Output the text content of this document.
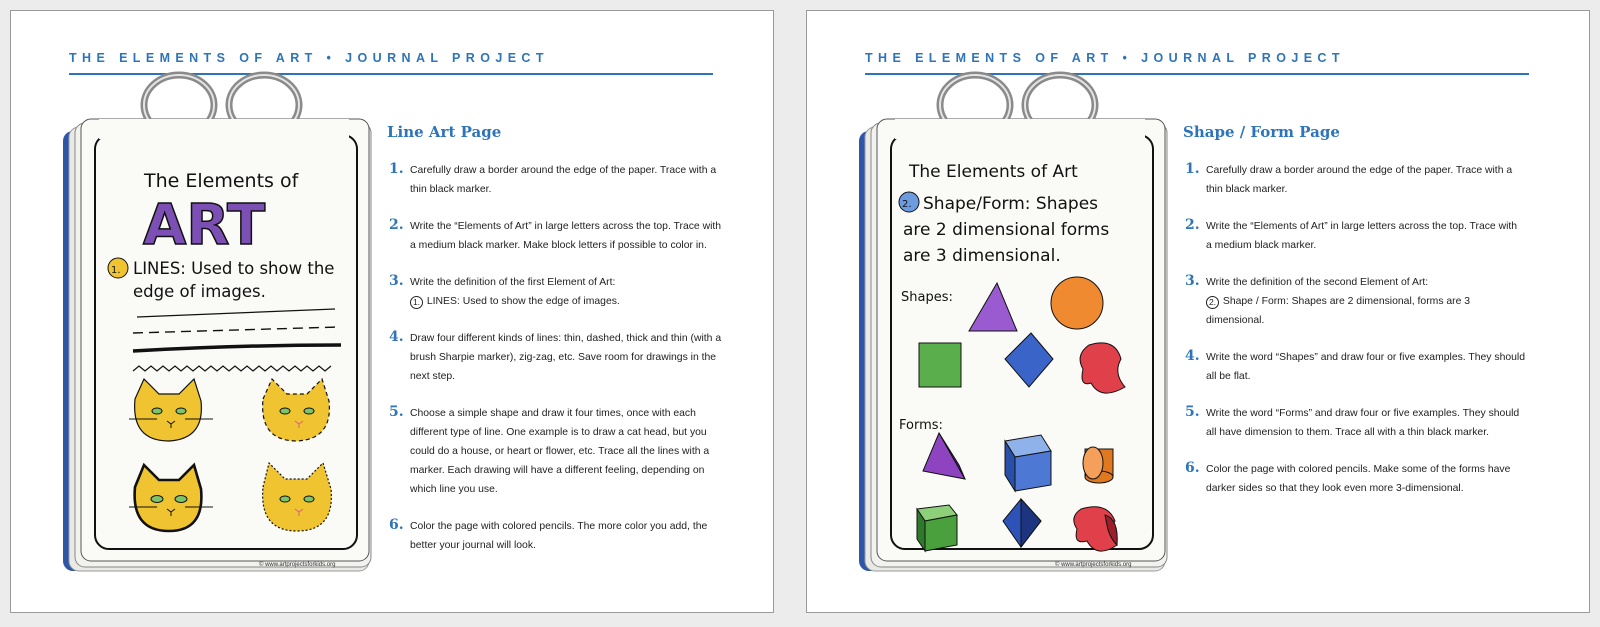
THE ELEMENTS OF ART • JOURNAL PROJECT
The Elements of
ART
1. LINES: Used to show the
edge of images.
© www.artprojectsforkids.org
Line Art Page
1. Carefully draw a border around the edge of the paper. Trace with a thin black marker.
2. Write the “Elements of Art” in large letters across the top. Trace with a medium black marker. Make block letters if possible to color in.
3. Write the definition of the first Element of Art:
1. LINES: Used to show the edge of images.
4. Draw four different kinds of lines: thin, dashed, thick and thin (with a brush Sharpie marker), zig-zag, etc. Save room for drawings in the next step.
5. Choose a simple shape and draw it four times, once with each different type of line. One example is to draw a cat head, but you could do a house, or heart or flower, etc. Trace all the lines with a marker. Each drawing will have a different feeling, depending on which line you use.
6. Color the page with colored pencils. The more color you add, the better your journal will look.
THE ELEMENTS OF ART • JOURNAL PROJECT
The Elements of Art
2. Shape/Form: Shapes
are 2 dimensional forms
are 3 dimensional.
Shapes:
Forms:
© www.artprojectsforkids.org
Shape / Form Page
1. Carefully draw a border around the edge of the paper. Trace with a thin black marker.
2. Write the “Elements of Art” in large letters across the top. Trace with a medium black marker.
3. Write the definition of the second Element of Art:
2. Shape / Form: Shapes are 2 dimensional, forms are 3 dimensional.
4. Write the word “Shapes” and draw four or five examples. They should all be flat.
5. Write the word “Forms” and draw four or five examples. They should all have dimension to them. Trace all with a thin black marker.
6. Color the page with colored pencils. Make some of the forms have darker sides so that they look even more 3-dimensional.
